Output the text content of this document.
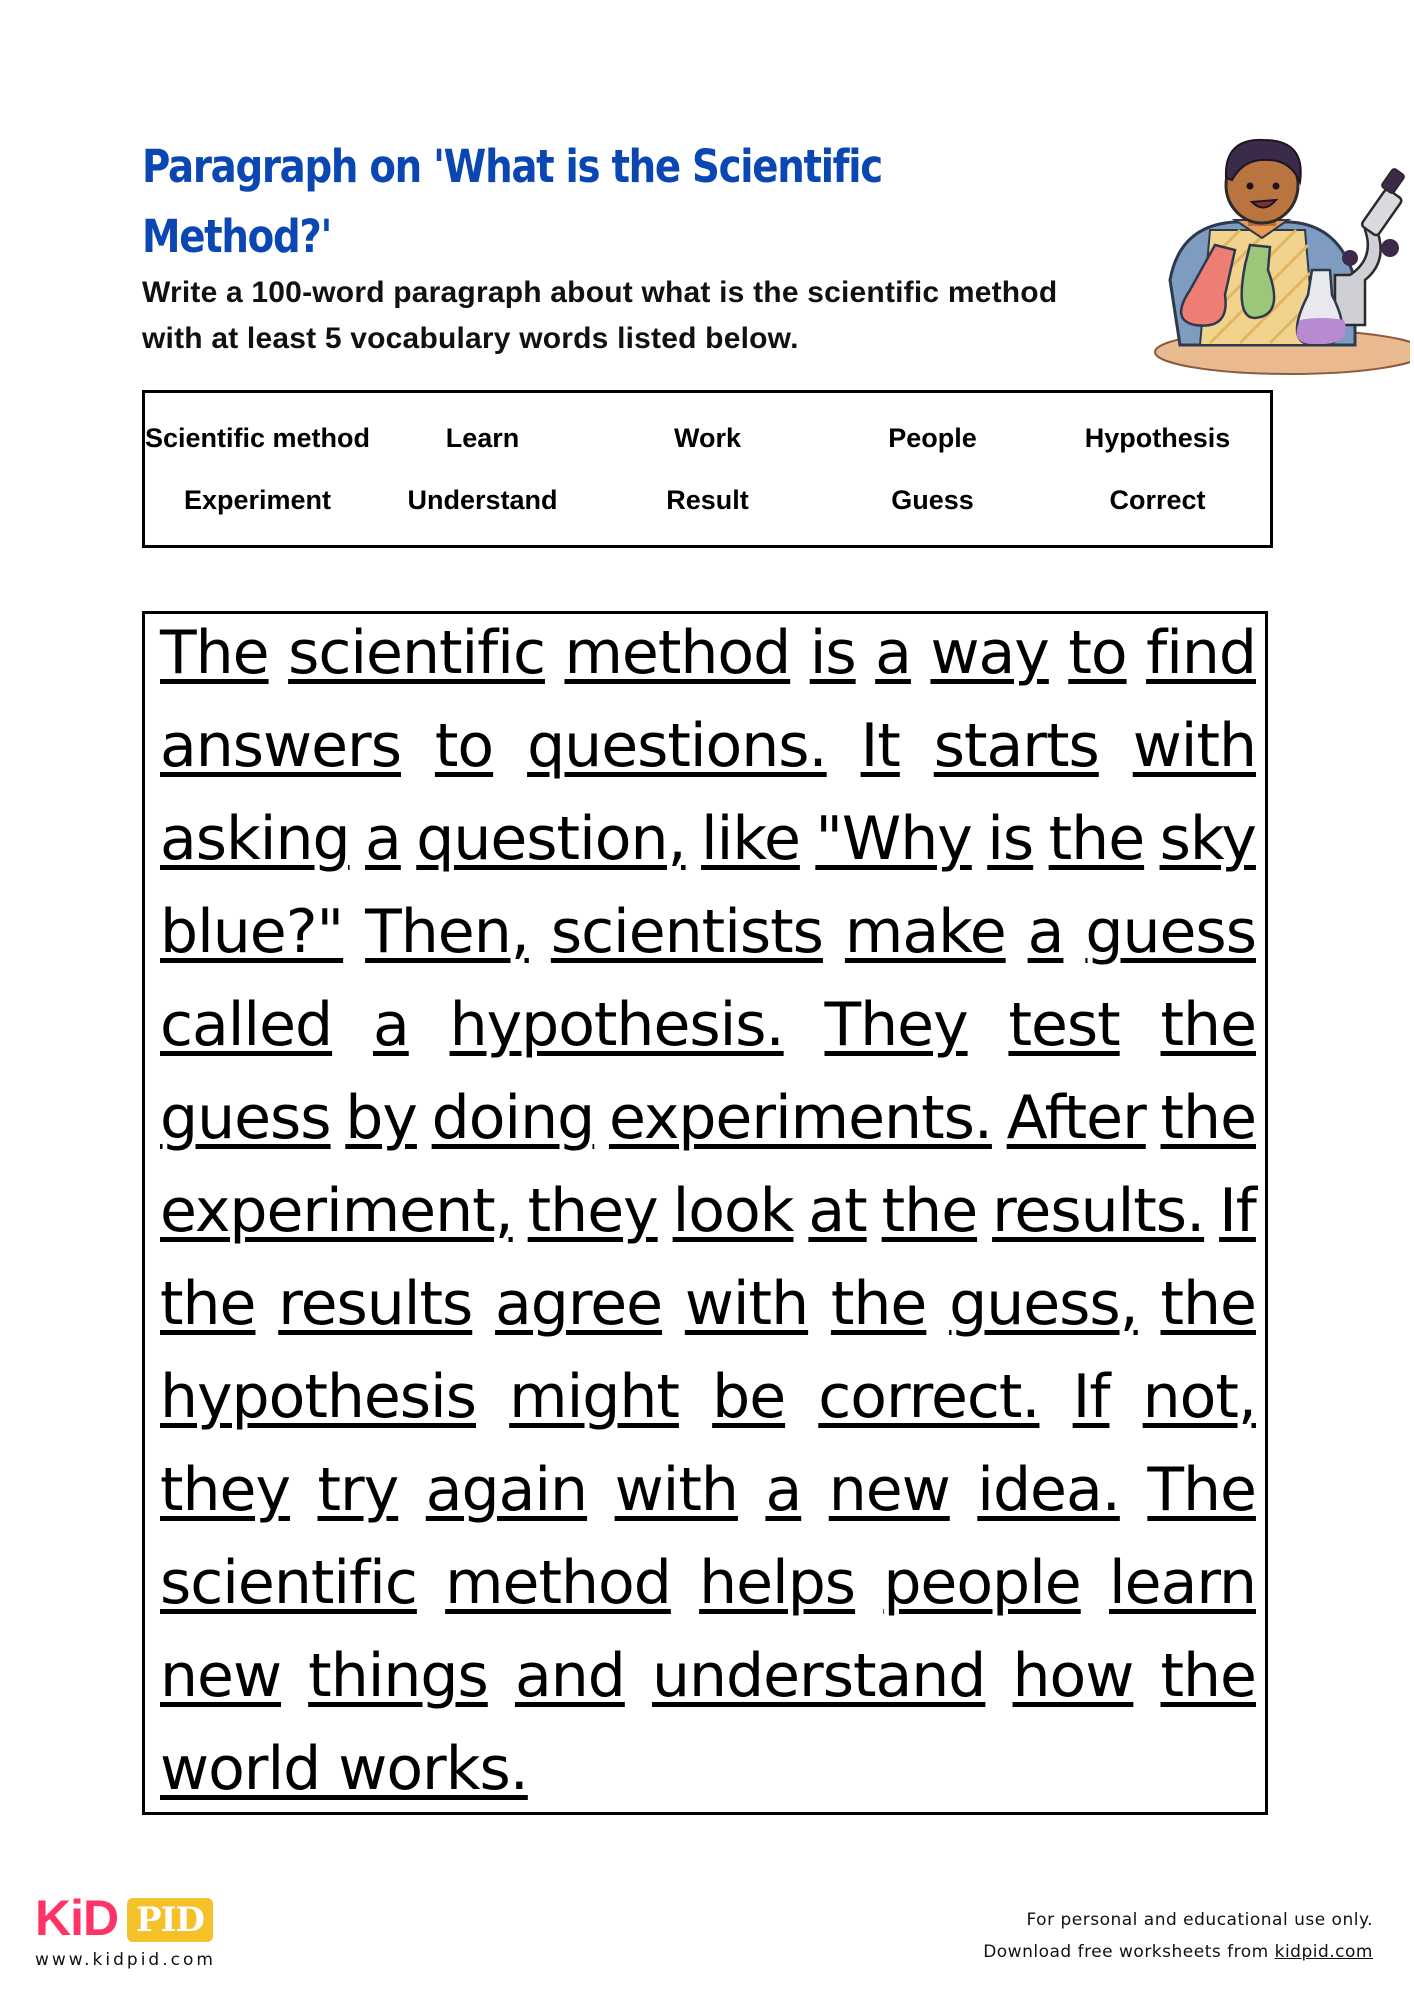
Paragraph on 'What is the Scientific
Method?'

Write a 100-word paragraph about what is the scientific method
with at least 5 vocabulary words listed below.

Scientific method	Learn	Work	People	Hypothesis
Experiment	Understand	Result	Guess	Correct
The scientific method is a way to find
answers to questions. It starts with
asking a question, like "Why is the sky
blue?" Then, scientists make a guess
called a hypothesis. They test the
guess by doing experiments. After the
experiment, they look at the results. If
the results agree with the guess, the
hypothesis might be correct. If not,
they try again with a new idea. The
scientific method helps people learn
new things and understand how the
world works.
KiD PID
www.kidpid.com
For personal and educational use only.
Download free worksheets from kidpid.com
